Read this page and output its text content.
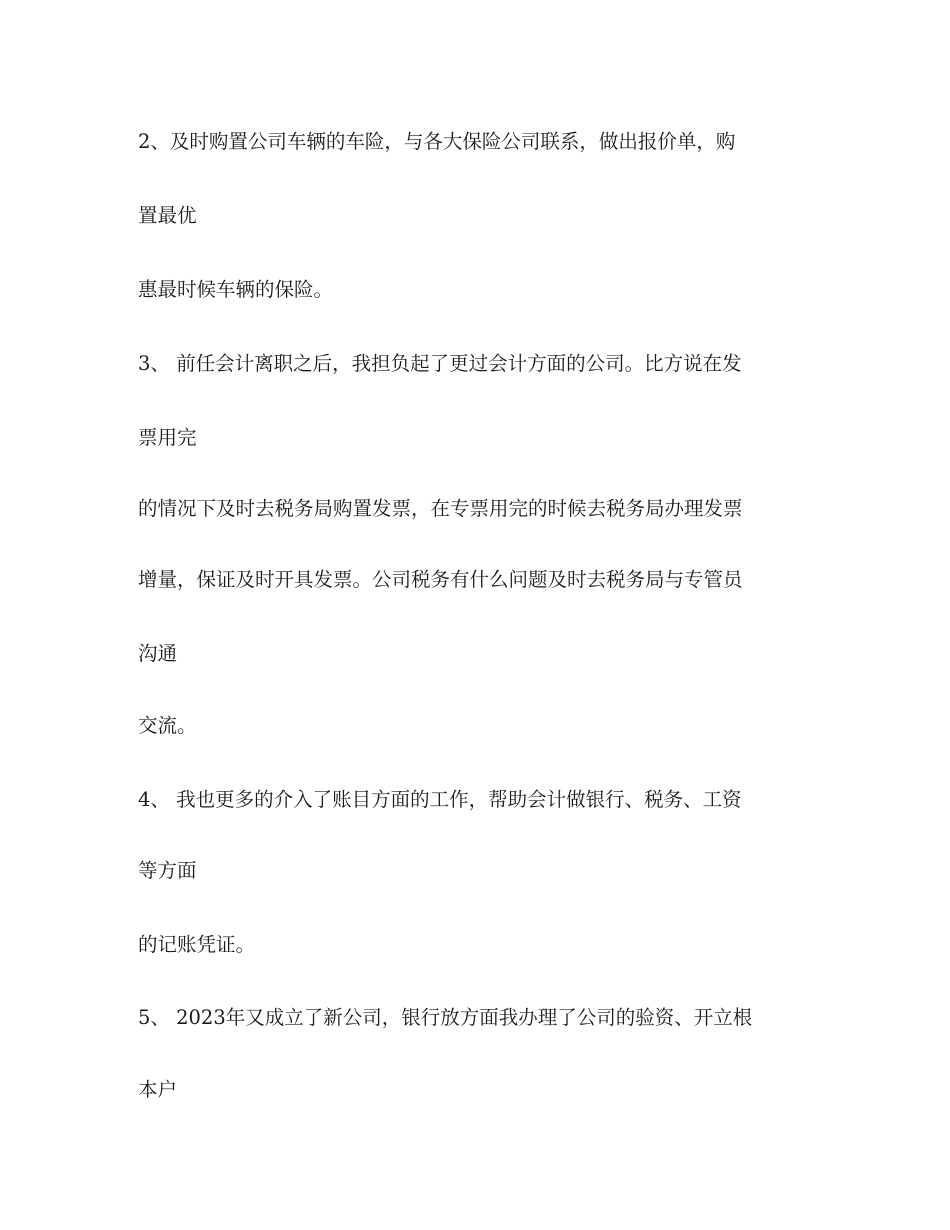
2、及时购置公司车辆的车险，与各大保险公司联系，做出报价单，购

置最优

惠最时候车辆的保险。

3、 前任会计离职之后，我担负起了更过会计方面的公司。比方说在发

票用完

的情况下及时去税务局购置发票，在专票用完的时候去税务局办理发票

增量，保证及时开具发票。公司税务有什么问题及时去税务局与专管员

沟通

交流。

4、 我也更多的介入了账目方面的工作，帮助会计做银行、税务、工资

等方面

的记账凭证。

5、 2023年又成立了新公司，银行放方面我办理了公司的验资、开立根

本户
